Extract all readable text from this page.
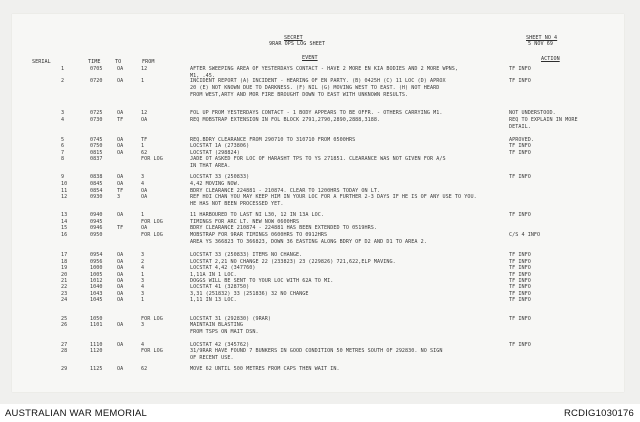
SECRET
9RAR OPS LOG SHEET
SHEET NO 4
5 NOV 69
SERIAL	TIME	TO	FROM
EVENT	ACTION
1	0705	OA	12	AFTER SWEEPING AREA OF YESTERDAYS CONTACT - HAVE 2 MORE EN KIA BODIES AND 2 MORE WPNS,
M1, .45.
TF INFO
2	0720	OA	1	INCIDENT REPORT (A) INCIDENT - HEARING OF EN PARTY. (B) 0425H (C) 11 LOC (D) APROX
20 (E) NOT KNOWN DUE TO DARKNESS. (F) NIL (G) MOVING WEST TO EAST. (H) NOT HEARD
FROM WEST,ARTY AND MOR FIRE BROUGHT DOWN TO EAST WITH UNKNOWN RESULTS.
TF INFO
3	0725	OA	12	FOL UP FROM YESTERDAYS CONTACT - 1 BODY APPEARS TO BE OFFR. - OTHERS CARRYING M1.	NOT UNDERSTOOD.
4	0730	TF	OA	REQ MOBSTRAP EXTENSION IN FOL BLOCK 2791,2790,2890,2888,3188.	REQ TO EXPLAIN IN MORE
DETAIL.
5	0745	OA	TF	REQ.BDRY CLEARANCE FROM 290710 TO 310710 FROM 0500HRS	APROVED.
6	0750	OA	1	LOCSTAT 1A (273806)	TF INFO
7	0815	OA	62	LOCSTAT (298824)	TF INFO
8	0837	FOR LOG	JADE OT ASKED FOR LOC OF HARASHT TPS TO YS 271851. CLEARANCE WAS NOT GIVEN FOR A/S
IN THAT AREA.
9	0838	OA	3	LOCSTAT 33 (250833)	TF INFO
10	0845	OA	4	4,42 MOVING NOW.
11	0854	TF	OA	BDRY CLEARANCE 224881 - 210874. CLEAR TO 1200HRS TODAY ON LT.
12	0930	3	OA	REF HOI CHAN YOU MAY KEEP HIM IN YOUR LOC FOR A FURTHER 2-3 DAYS IF HE IS OF ANY USE TO YOU.
HE HAS NOT BEEN PROCESSED YET.
13	0940	OA	1	11 HARBOURED TO LAST NI L30, 12 IN 13A LOC.	TF INFO
14	0945	FOR LOG	TIMINGS FOR ARC LT. NEW NOW 0600HRS
15	0946	TF	OA	BDRY CLEARANCE 210874 - 224881 HAS BEEN EXTENDED TO 0519HRS.
16	0950	FOR LOG	MOBSTRAP FOR 9RAR TIMINGS 0600HRS TO 0912HRS
AREA YS 366823 TO 366823, DOWN 36 EASTING ALONG BDRY OF D2 AND D1 TO AREA 2.
C/S 4 INFO
17	0954	OA	3	LOCSTAT 33 (250833) ITEMS NO CHANGE.	TF INFO
18	0956	OA	2	LOCSTAT 2,21 NO CHANGE 22 (233823) 23 (229826) 721,622,ELP MAVING.	TF INFO
19	1000	OA	4	LOCSTAT 4,42 (347760)	TF INFO
20	1005	OA	1	1,11A IN 1 LOC.	TF INFO
21	1012	OA	3	DOGGS WILL BE SENT TO YOUR LOC WITH 62A TO MI.	TF INFO
22	1040	OA	4	LOCSTAT 41 (328750)	TF INFO
23	1043	OA	3	3,31 (251832) 33 (251836) 32 NO CHANGE	TF INFO
24	1045	OA	1	1,11 IN 13 LOC.	TF INFO
25	1050	FOR LOG	LOCSTAT 31 (292830) (9RAR)	TF INFO
26	1101	OA	3	MAINTAIN BLASTING
FROM TSPS ON MAIT DSN.
27	1110	OA	4	LOCSTAT 42 (345762)	TF INFO
28	1120	FOR LOG	31/9RAR HAVE FOUND 7 BUNKERS IN GOOD CONDITION 50 METRES SOUTH OF 292830. NO SIGN
OF RECENT USE.
29	1125	OA	62	MOVE 62 UNTIL 500 METRES FROM CAPS THEN WAIT IN.
AUSTRALIAN WAR MEMORIAL	RCDIG1030176
